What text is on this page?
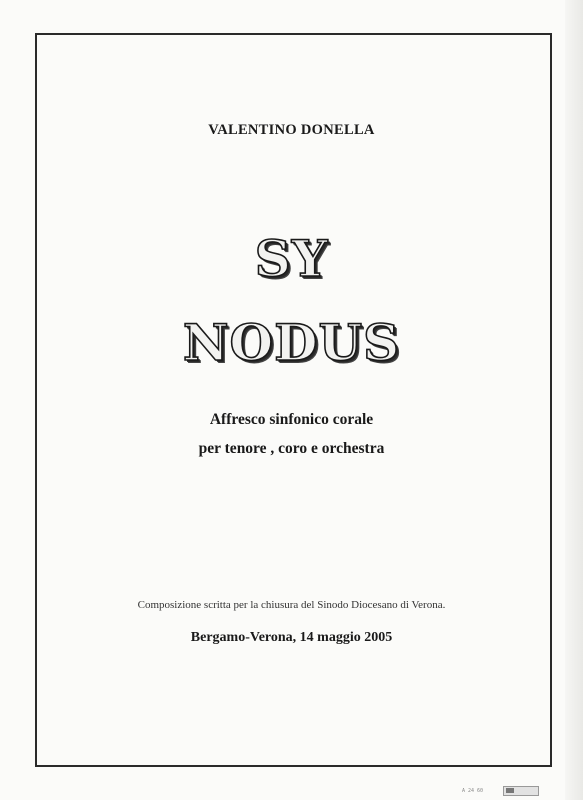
VALENTINO DONELLA
SY
NODUS
Affresco sinfonico corale
per tenore , coro e orchestra
Composizione scritta per la chiusura del Sinodo Diocesano di Verona.
Bergamo-Verona, 14 maggio 2005
A 24 60
